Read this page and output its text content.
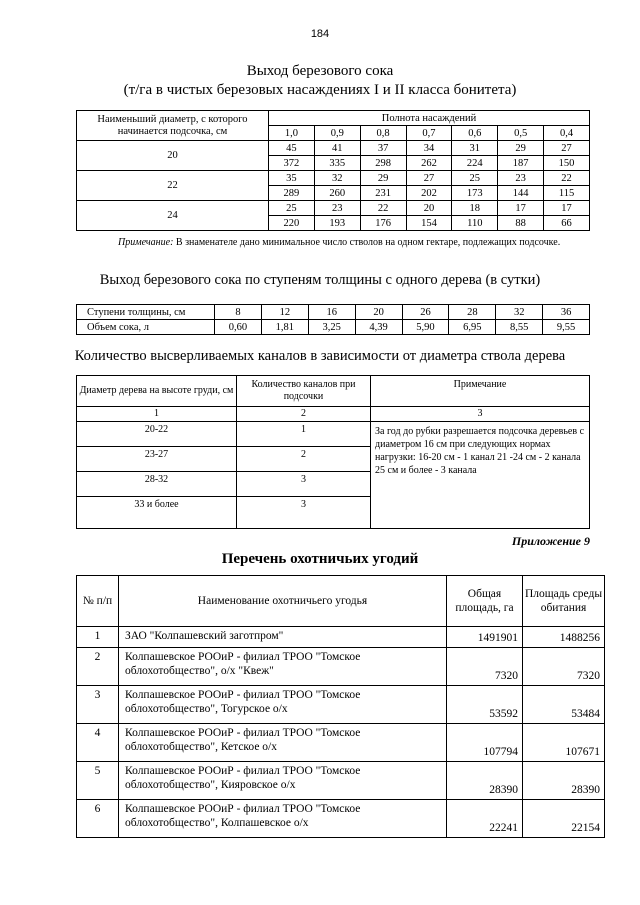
184
Выход березового сока
(т/га в чистых березовых насаждениях I и II класса бонитета)
Наименьший диаметр, с которого начинается подсочка, см	Полнота насаждений						
	1,0	0,9	0,8	0,7	0,6	0,5	0,4
20	45	41	37	34	31	29	27
	372	335	298	262	224	187	150
22	35	32	29	27	25	23	22
	289	260	231	202	173	144	115
24	25	23	22	20	18	17	17
	220	193	176	154	110	88	66
Примечание: В знаменателе дано минимальное число стволов на одном гектаре, подлежащих подсочке.
Выход березового сока по ступеням толщины с одного дерева (в сутки)
Ступени толщины, см	8	12	16	20	26	28	32	36
Объем сока, л	0,60	1,81	3,25	4,39	5,90	6,95	8,55	9,55
Количество высверливаемых каналов в зависимости от диаметра ствола дерева
Диаметр дерева на высоте груди, см	Количество каналов при подсочки	Примечание
1	2	3
20-22	1	За год до рубки разрешается подсочка деревьев с диаметром 16 см при следующих нормах нагрузки: 16-20 см - 1 канал 21 -24 см - 2 канала 25 см и более - 3 канала
23-27	2	
28-32	3	
33 и более	3	
Приложение 9
Перечень охотничьих угодий
№ п/п	Наименование охотничьего угодья	Общая площадь, га	Площадь среды обитания
1	ЗАО "Колпашевский заготпром"	1491901	1488256
2	Колпашевское РООиР - филиал ТРОО "Томское облохотобщество", о/х "Квеж"	7320	7320
3	Колпашевское РООиР - филиал ТРОО "Томское облохотобщество", Тогурское о/х	53592	53484
4	Колпашевское РООиР - филиал ТРОО "Томское облохотобщество", Кетское о/х	107794	107671
5	Колпашевское РООиР - филиал ТРОО "Томское облохотобщество", Кияровское о/х	28390	28390
6	Колпашевское РООиР - филиал ТРОО "Томское облохотобщество", Колпашевское о/х	22241	22154
